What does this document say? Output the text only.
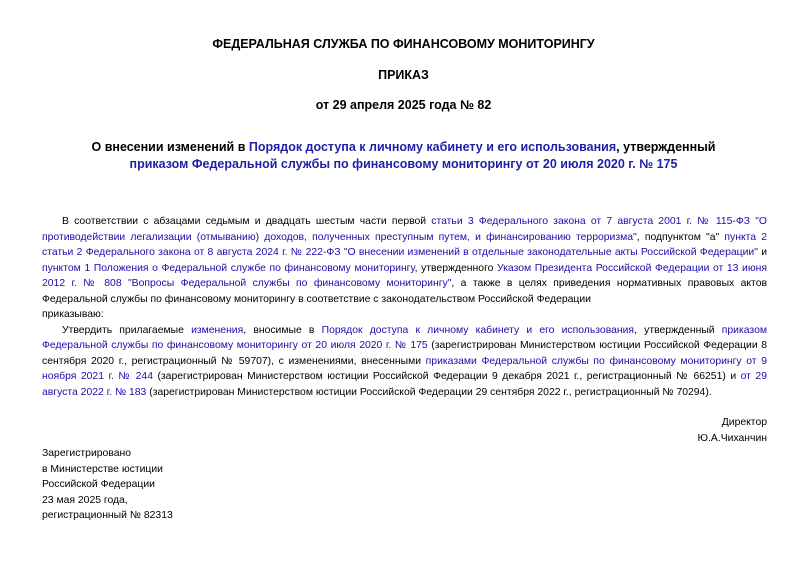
ФЕДЕРАЛЬНАЯ СЛУЖБА ПО ФИНАНСОВОМУ МОНИТОРИНГУ
ПРИКАЗ
от 29 апреля 2025 года № 82
О внесении изменений в Порядок доступа к личному кабинету и его использования, утвержденный
приказом Федеральной службы по финансовому мониторингу от 20 июля 2020 г. № 175

В соответствии с абзацами седьмым и двадцать шестым части первой статьи 3 Федерального закона от 7 августа 2001 г. № 115-ФЗ "О противодействии легализации (отмыванию) доходов, полученных преступным путем, и финансированию терроризма", подпунктом "а" пункта 2 статьи 2 Федерального закона от 8 августа 2024 г. № 222-ФЗ "О внесении изменений в отдельные законодательные акты Российской Федерации" и пунктом 1 Положения о Федеральной службе по финансовому мониторингу, утвержденного Указом Президента Российской Федерации от 13 июня 2012 г. № 808 "Вопросы Федеральной службы по финансовому мониторингу", а также в целях приведения нормативных правовых актов Федеральной службы по финансовому мониторингу в соответствие с законодательством Российской Федерации

приказываю:

Утвердить прилагаемые изменения, вносимые в Порядок доступа к личному кабинету и его использования, утвержденный приказом Федеральной службы по финансовому мониторингу от 20 июля 2020 г. № 175 (зарегистрирован Министерством юстиции Российской Федерации 8 сентября 2020 г., регистрационный № 59707), с изменениями, внесенными приказами Федеральной службы по финансовому мониторингу от 9 ноября 2021 г. № 244 (зарегистрирован Министерством юстиции Российской Федерации 9 декабря 2021 г., регистрационный № 66251) и от 29 августа 2022 г. № 183 (зарегистрирован Министерством юстиции Российской Федерации 29 сентября 2022 г., регистрационный № 70294).

Директор
Ю.А.Чиханчин
Зарегистрировано
в Министерстве юстиции
Российской Федерации
23 мая 2025 года,
регистрационный № 82313
